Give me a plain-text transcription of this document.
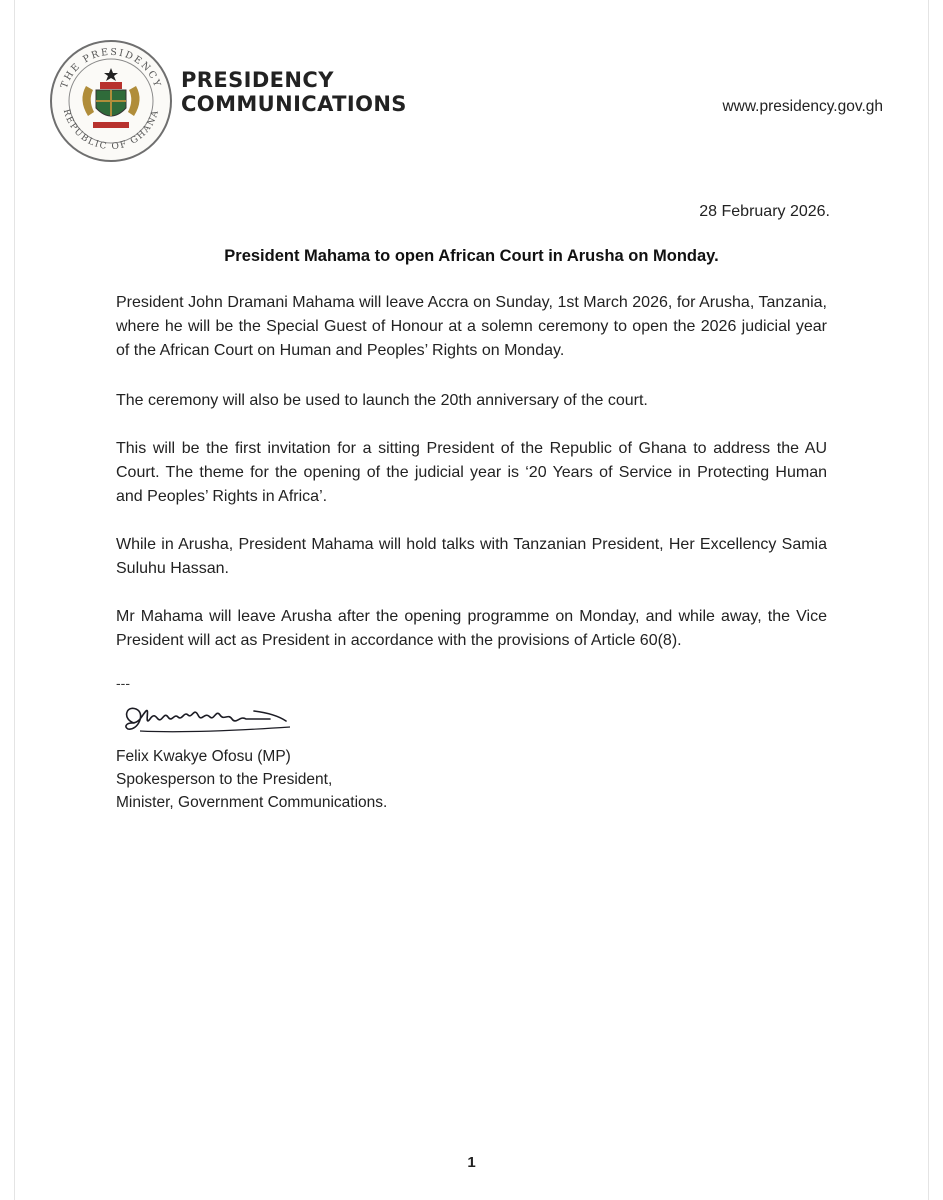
THE PRESIDENCY
REPUBLIC OF GHANA
PRESIDENCY
COMMUNICATIONS	www.presidency.gov.gh
28 February 2026.
President Mahama to open African Court in Arusha on Monday.
President John Dramani Mahama will leave Accra on Sunday, 1st March 2026, for Arusha, Tanzania, where he will be the Special Guest of Honour at a solemn ceremony to open the 2026 judicial year of the African Court on Human and Peoples’ Rights on Monday.
The ceremony will also be used to launch the 20th anniversary of the court.
This will be the first invitation for a sitting President of the Republic of Ghana to address the AU Court. The theme for the opening of the judicial year is ‘20 Years of Service in Protecting Human and Peoples’ Rights in Africa’.
While in Arusha, President Mahama will hold talks with Tanzanian President, Her Excellency Samia Suluhu Hassan.
Mr Mahama will leave Arusha after the opening programme on Monday, and while away, the Vice President will act as President in accordance with the provisions of Article 60(8).
---
Felix Kwakye Ofosu (MP)
Spokesperson to the President,
Minister, Government Communications.
1
